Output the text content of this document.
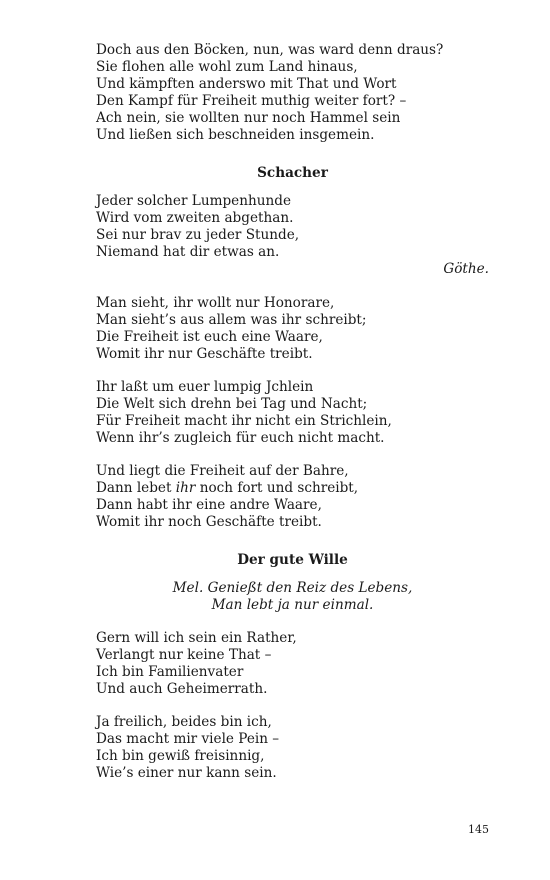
Doch aus den Böcken, nun, was ward denn draus?
Sie flohen alle wohl zum Land hinaus,
Und kämpften anderswo mit That und Wort
Den Kampf für Freiheit muthig weiter fort? –
Ach nein, sie wollten nur noch Hammel sein
Und ließen sich beschneiden insgemein.
Schacher
Jeder solcher Lumpenhunde
Wird vom zweiten abgethan.
Sei nur brav zu jeder Stunde,
Niemand hat dir etwas an.
Göthe.
Man sieht, ihr wollt nur Honorare,
Man sieht’s aus allem was ihr schreibt;
Die Freiheit ist euch eine Waare,
Womit ihr nur Geschäfte treibt.
Ihr laßt um euer lumpig Jchlein
Die Welt sich drehn bei Tag und Nacht;
Für Freiheit macht ihr nicht ein Strichlein,
Wenn ihr’s zugleich für euch nicht macht.
Und liegt die Freiheit auf der Bahre,
Dann lebet ihr noch fort und schreibt,
Dann habt ihr eine andre Waare,
Womit ihr noch Geschäfte treibt.
Der gute Wille
Mel. Genießt den Reiz des Lebens,
Man lebt ja nur einmal.
Gern will ich sein ein Rather,
Verlangt nur keine That –
Ich bin Familienvater
Und auch Geheimerrath.
Ja freilich, beides bin ich,
Das macht mir viele Pein –
Ich bin gewiß freisinnig,
Wie’s einer nur kann sein.
145
